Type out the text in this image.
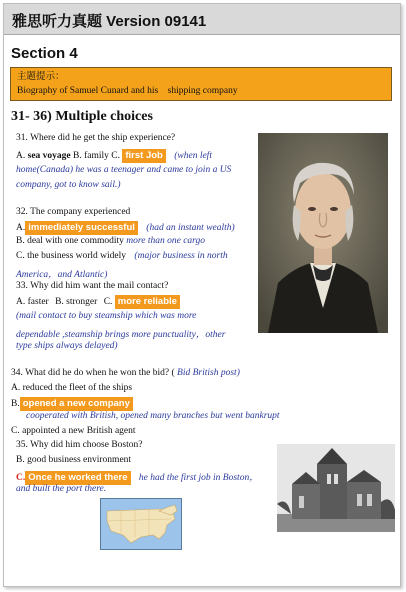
雅思听力真题 Version 09141
Section 4
主题提示：
Biography of Samuel Cunard and his　shipping company
31- 36) Multiple choices
31. Where did he get the ship experience?
A. sea voyage B. family C. first Job (when left
home(Canada) he was a teenager and came to join a US
company, got to know sail.)
32. The company experienced
A. immediately successful (had an instant wealth)
B. deal with one commodity more than one cargo
C. the business world widely (major business in north
America，and Atlantic)
33. Why did him want the mail contact?
A. faster B. stronger C. more reliable
(mail contact to buy steamship which was more
dependable ,steamship brings more punctuality，other
type ships always delayed)
34. What did he do when he won the bid? ( Bid British post)
A. reduced the fleet of the ships
B. opened a new company
cooperated with British, opened many branches but went bankrupt
C. appointed a new British agent
35. Why did him choose Boston?
B. good business environment
C. Once he worked there he had the first job in Boston，
and built the port there.
